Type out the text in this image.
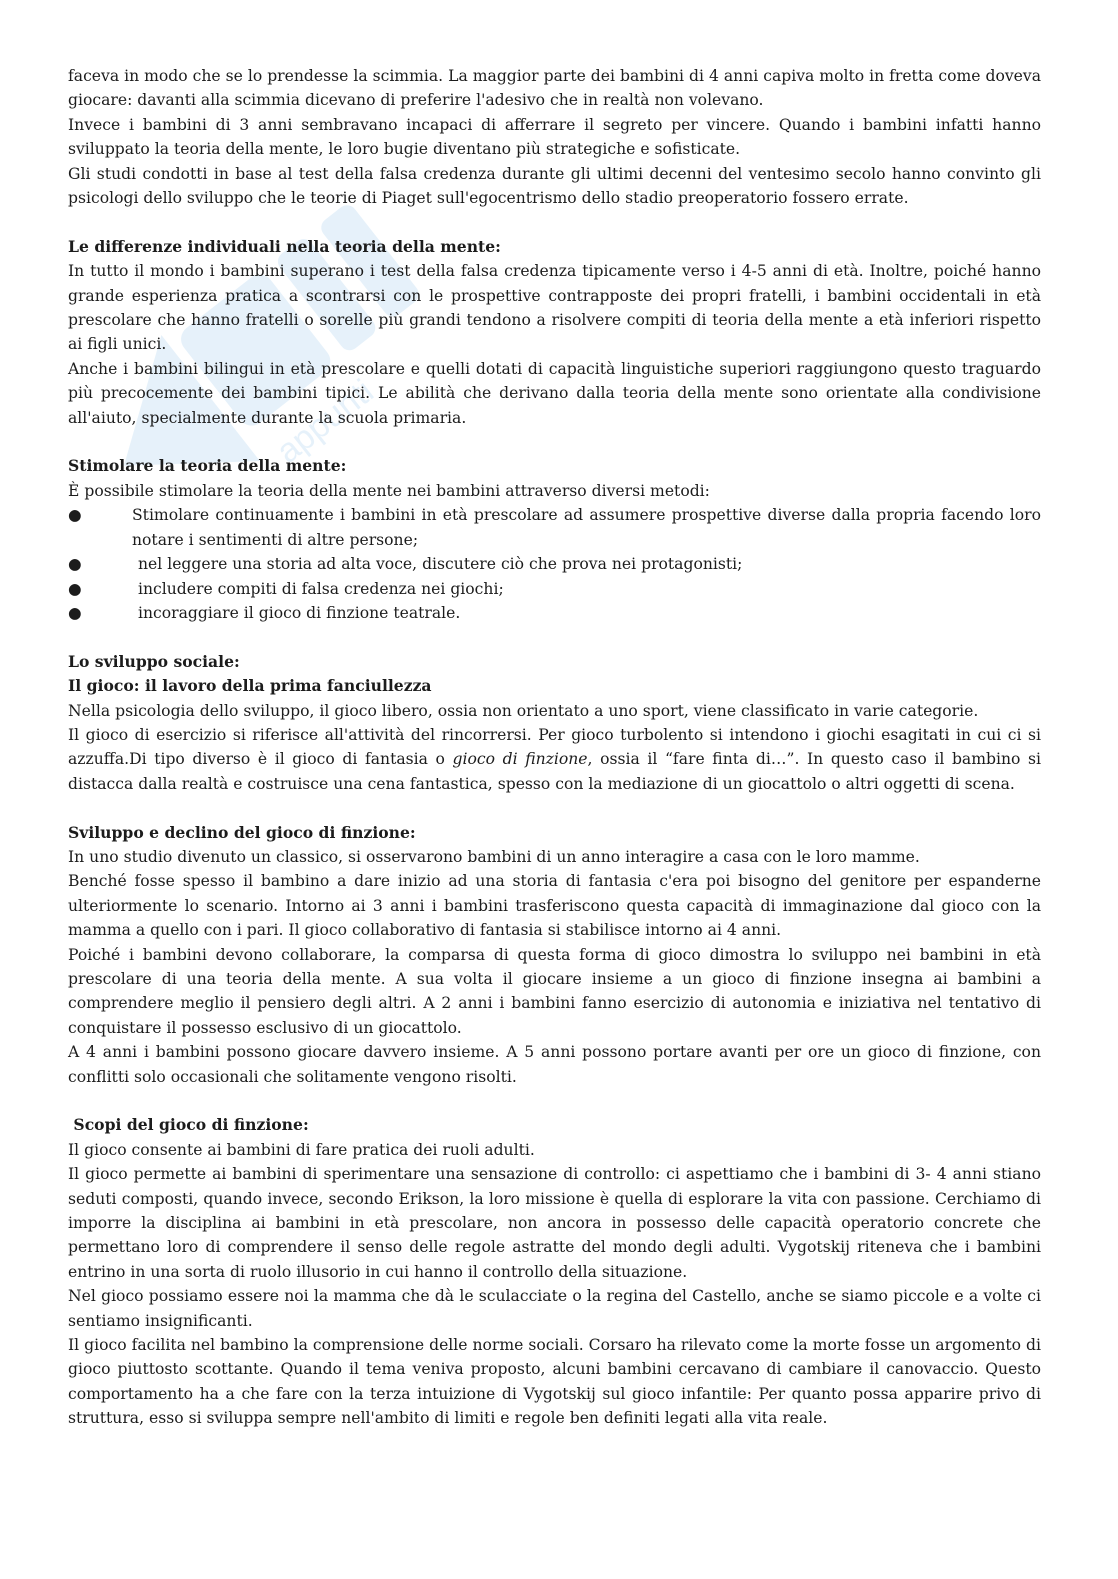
appunti

faceva in modo che se lo prendesse la scimmia. La maggior parte dei bambini di 4 anni capiva molto in fretta come doveva giocare: davanti alla scimmia dicevano di preferire l'adesivo che in realtà non volevano.

Invece i bambini di 3 anni sembravano incapaci di afferrare il segreto per vincere. Quando i bambini infatti hanno sviluppato la teoria della mente, le loro bugie diventano più strategiche e sofisticate.

Gli studi condotti in base al test della falsa credenza durante gli ultimi decenni del ventesimo secolo hanno convinto gli psicologi dello sviluppo che le teorie di Piaget sull'egocentrismo dello stadio preoperatorio fossero errate.

Le differenze individuali nella teoria della mente:

In tutto il mondo i bambini superano i test della falsa credenza tipicamente verso i 4-5 anni di età. Inoltre, poiché hanno grande esperienza pratica a scontrarsi con le prospettive contrapposte dei propri fratelli, i bambini occidentali in età prescolare che hanno fratelli o sorelle più grandi tendono a risolvere compiti di teoria della mente a età inferiori rispetto ai figli unici.

Anche i bambini bilingui in età prescolare e quelli dotati di capacità linguistiche superiori raggiungono questo traguardo più precocemente dei bambini tipici. Le abilità che derivano dalla teoria della mente sono orientate alla condivisione all'aiuto, specialmente durante la scuola primaria.

Stimolare la teoria della mente:

È possibile stimolare la teoria della mente nei bambini attraverso diversi metodi:

●	Stimolare continuamente i bambini in età prescolare ad assumere prospettive diverse dalla propria facendo loro notare i sentimenti di altre persone;
●	nel leggere una storia ad alta voce, discutere ciò che prova nei protagonisti;
●	includere compiti di falsa credenza nei giochi;
●	incoraggiare il gioco di finzione teatrale.
Lo sviluppo sociale:
Il gioco: il lavoro della prima fanciullezza

Nella psicologia dello sviluppo, il gioco libero, ossia non orientato a uno sport, viene classificato in varie categorie.

Il gioco di esercizio si riferisce all'attività del rincorrersi. Per gioco turbolento si intendono i giochi esagitati in cui ci si azzuffa.Di tipo diverso è il gioco di fantasia o gioco di finzione, ossia il “fare finta di…”. In questo caso il bambino si distacca dalla realtà e costruisce una cena fantastica, spesso con la mediazione di un giocattolo o altri oggetti di scena.

Sviluppo e declino del gioco di finzione:

In uno studio divenuto un classico, si osservarono bambini di un anno interagire a casa con le loro mamme.

Benché fosse spesso il bambino a dare inizio ad una storia di fantasia c'era poi bisogno del genitore per espanderne ulteriormente lo scenario. Intorno ai 3 anni i bambini trasferiscono questa capacità di immaginazione dal gioco con la mamma a quello con i pari. Il gioco collaborativo di fantasia si stabilisce intorno ai 4 anni.

Poiché i bambini devono collaborare, la comparsa di questa forma di gioco dimostra lo sviluppo nei bambini in età prescolare di una teoria della mente. A sua volta il giocare insieme a un gioco di finzione insegna ai bambini a comprendere meglio il pensiero degli altri. A 2 anni i bambini fanno esercizio di autonomia e iniziativa nel tentativo di conquistare il possesso esclusivo di un giocattolo.

A 4 anni i bambini possono giocare davvero insieme. A 5 anni possono portare avanti per ore un gioco di finzione, con conflitti solo occasionali che solitamente vengono risolti.

Scopi del gioco di finzione:

Il gioco consente ai bambini di fare pratica dei ruoli adulti.

Il gioco permette ai bambini di sperimentare una sensazione di controllo: ci aspettiamo che i bambini di 3- 4 anni stiano seduti composti, quando invece, secondo Erikson, la loro missione è quella di esplorare la vita con passione. Cerchiamo di imporre la disciplina ai bambini in età prescolare, non ancora in possesso delle capacità operatorio concrete che permettano loro di comprendere il senso delle regole astratte del mondo degli adulti. Vygotskij riteneva che i bambini entrino in una sorta di ruolo illusorio in cui hanno il controllo della situazione.

Nel gioco possiamo essere noi la mamma che dà le sculacciate o la regina del Castello, anche se siamo piccole e a volte ci sentiamo insignificanti.

Il gioco facilita nel bambino la comprensione delle norme sociali. Corsaro ha rilevato come la morte fosse un argomento di gioco piuttosto scottante. Quando il tema veniva proposto, alcuni bambini cercavano di cambiare il canovaccio. Questo comportamento ha a che fare con la terza intuizione di Vygotskij sul gioco infantile: Per quanto possa apparire privo di struttura, esso si sviluppa sempre nell'ambito di limiti e regole ben definiti legati alla vita reale.
